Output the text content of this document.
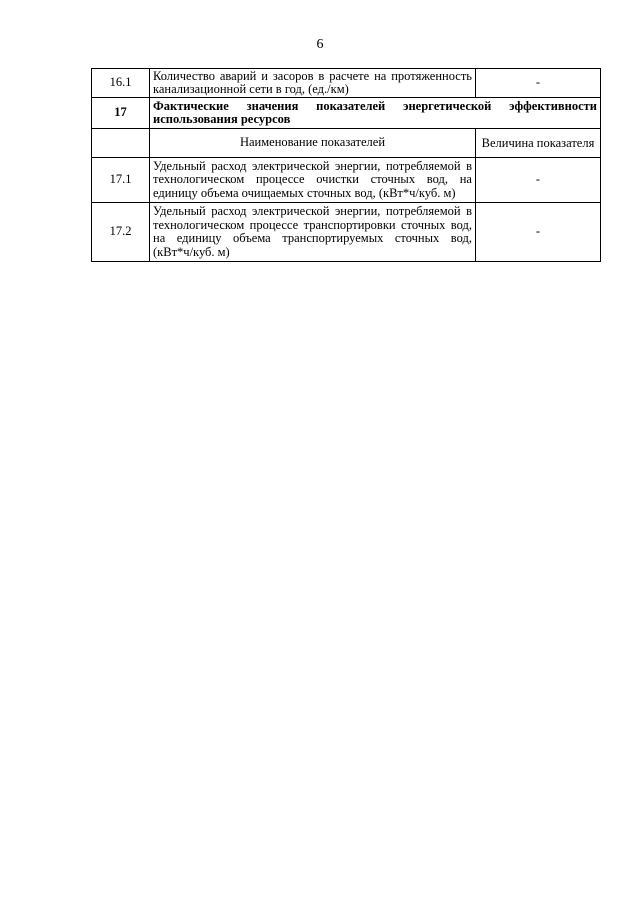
6
16.1	Количество аварий и засоров в расчете на протяженность канализационной сети в год, (ед./км)	-
17	Фактические значения показателей энергетической эффективности использования ресурсов	
	Наименование показателей	Величина показателя
17.1	Удельный расход электрической энергии, потребляемой в технологическом процессе очистки сточных вод, на единицу объема очищаемых сточных вод, (кВт*ч/куб. м)	-
17.2	Удельный расход электрической энергии, потребляемой в технологическом процессе транспортировки сточных вод, на единицу объема транспортируемых сточных вод, (кВт*ч/куб. м)	-
